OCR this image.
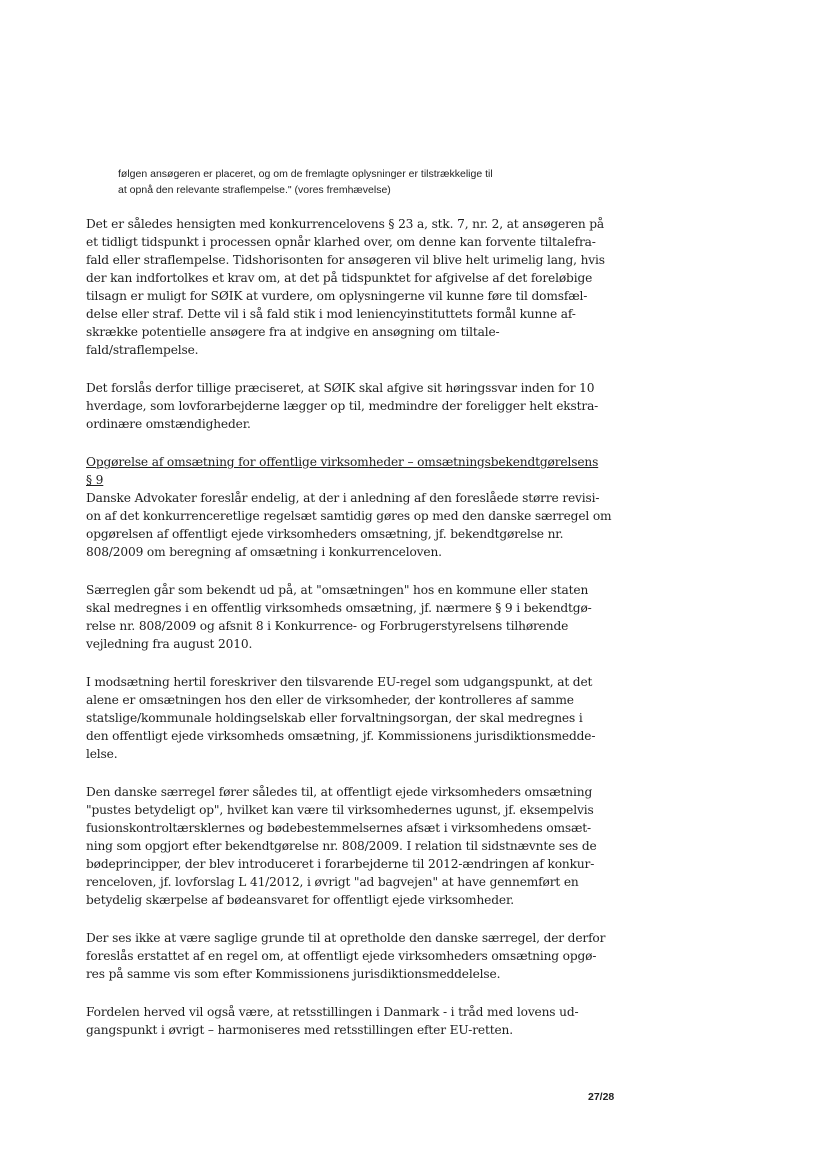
følgen ansøgeren er placeret, og om de fremlagte oplysninger er tilstrækkelige til

at opnå den relevante straflempelse." (vores fremhævelse)

Det er således hensigten med konkurrencelovens § 23 a, stk. 7, nr. 2, at ansøgeren på
et tidligt tidspunkt i processen opnår klarhed over, om denne kan forvente tiltalefra-
fald eller straflempelse. Tidshorisonten for ansøgeren vil blive helt urimelig lang, hvis
der kan indfortolkes et krav om, at det på tidspunktet for afgivelse af det foreløbige
tilsagn er muligt for SØIK at vurdere, om oplysningerne vil kunne føre til domsfæl-
delse eller straf. Dette vil i så fald stik i mod leniencyinstituttets formål kunne af-
skrække potentielle ansøgere fra at indgive en ansøgning om tiltale-
fald/straflempelse.
Det forslås derfor tillige præciseret, at SØIK skal afgive sit høringssvar inden for 10
hverdage, som lovforarbejderne lægger op til, medmindre der foreligger helt ekstra-
ordinære omstændigheder.
Opgørelse af omsætning for offentlige virksomheder – omsætningsbekendtgørelsens
§ 9
Danske Advokater foreslår endelig, at der i anledning af den foreslåede større revisi-
on af det konkurrenceretlige regelsæt samtidig gøres op med den danske særregel om
opgørelsen af offentligt ejede virksomheders omsætning, jf. bekendtgørelse nr.
808/2009 om beregning af omsætning i konkurrenceloven.
Særreglen går som bekendt ud på, at "omsætningen" hos en kommune eller staten
skal medregnes i en offentlig virksomheds omsætning, jf. nærmere § 9 i bekendtgø-
relse nr. 808/2009 og afsnit 8 i Konkurrence- og Forbrugerstyrelsens tilhørende
vejledning fra august 2010.
I modsætning hertil foreskriver den tilsvarende EU-regel som udgangspunkt, at det
alene er omsætningen hos den eller de virksomheder, der kontrolleres af samme
statslige/kommunale holdingselskab eller forvaltningsorgan, der skal medregnes i
den offentligt ejede virksomheds omsætning, jf. Kommissionens jurisdiktionsmedde-
lelse.
Den danske særregel fører således til, at offentligt ejede virksomheders omsætning
"pustes betydeligt op", hvilket kan være til virksomhedernes ugunst, jf. eksempelvis
fusionskontroltærsklernes og bødebestemmelsernes afsæt i virksomhedens omsæt-
ning som opgjort efter bekendtgørelse nr. 808/2009. I relation til sidstnævnte ses de
bødeprincipper, der blev introduceret i forarbejderne til 2012-ændringen af konkur-
renceloven, jf. lovforslag L 41/2012, i øvrigt "ad bagvejen" at have gennemført en
betydelig skærpelse af bødeansvaret for offentligt ejede virksomheder.
Der ses ikke at være saglige grunde til at opretholde den danske særregel, der derfor
foreslås erstattet af en regel om, at offentligt ejede virksomheders omsætning opgø-
res på samme vis som efter Kommissionens jurisdiktionsmeddelelse.
Fordelen herved vil også være, at retsstillingen i Danmark - i tråd med lovens ud-
gangspunkt i øvrigt – harmoniseres med retsstillingen efter EU-retten.
27/28
